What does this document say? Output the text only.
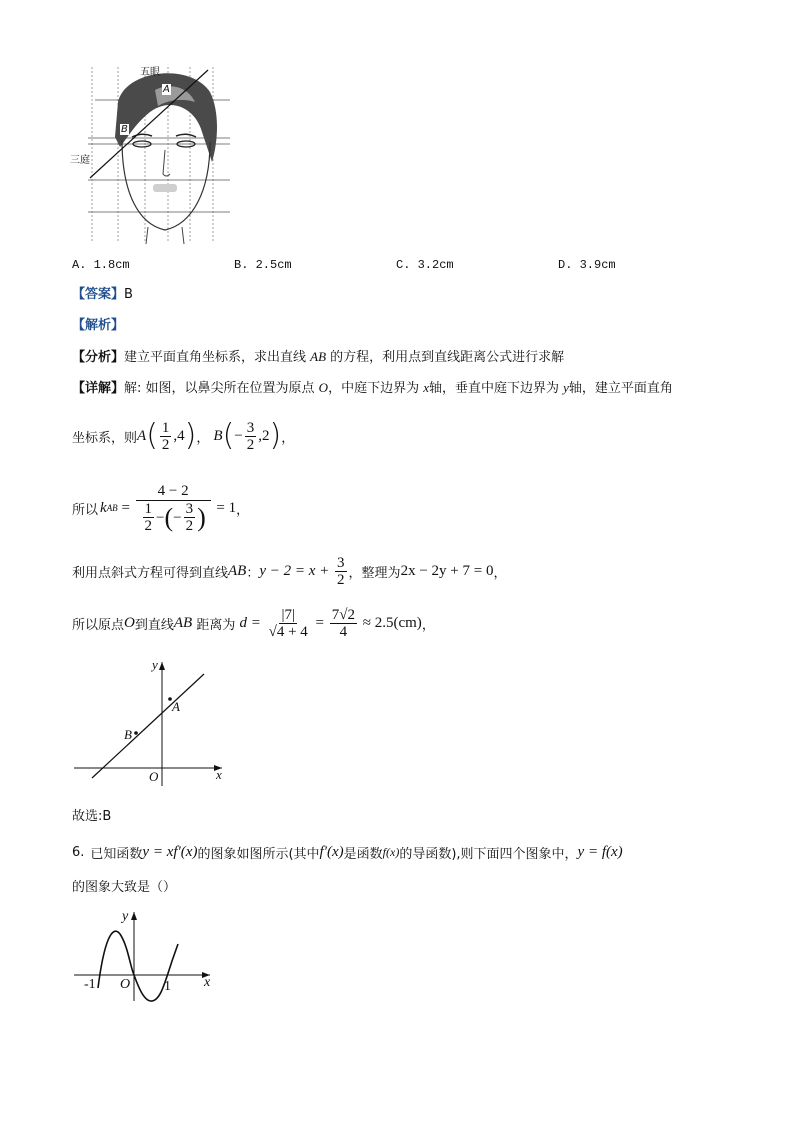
五眼
三庭
A
B
A. 1.8cm	B. 2.5cm	C. 3.2cm	D. 3.9cm
【答案】B
【解析】
【分析】建立平面直角坐标系，求出直线 AB 的方程，利用点到直线距离公式进行求解
【详解】解: 如图，以鼻尖所在位置为原点 O，中庭下边界为 x轴，垂直中庭下边界为 y轴，建立平面直角
坐标系，则 A ( $\frac{1}{2} ,4$ ) ， B ( − $\frac{3}{2} ,2$ ) ，
所以 k AB = $\frac{4 - 2}{\frac{1}{2} - ( - \frac{3}{2} )} = 1$ ，
利用点斜式方程可得到直线 AB ： $y - 2 = x + \frac{3}{2}$ ，整理为 2x − 2y + 7 = 0 ，
所以原点 O 到直线 AB 距离为 $d = \frac{|7|}{√4 + 4} = \frac{7√2}{4} \approx 2.5(cm)$ ，
y
x
A
B
O
故选:B
6. 已知函数 y = xf′(x) 的图象如图所示(其中 f′(x) 是函数 f(x) 的导函数),则下面四个图象中， y = f(x)
的图象大致是（）
y
x
-1 O 1
